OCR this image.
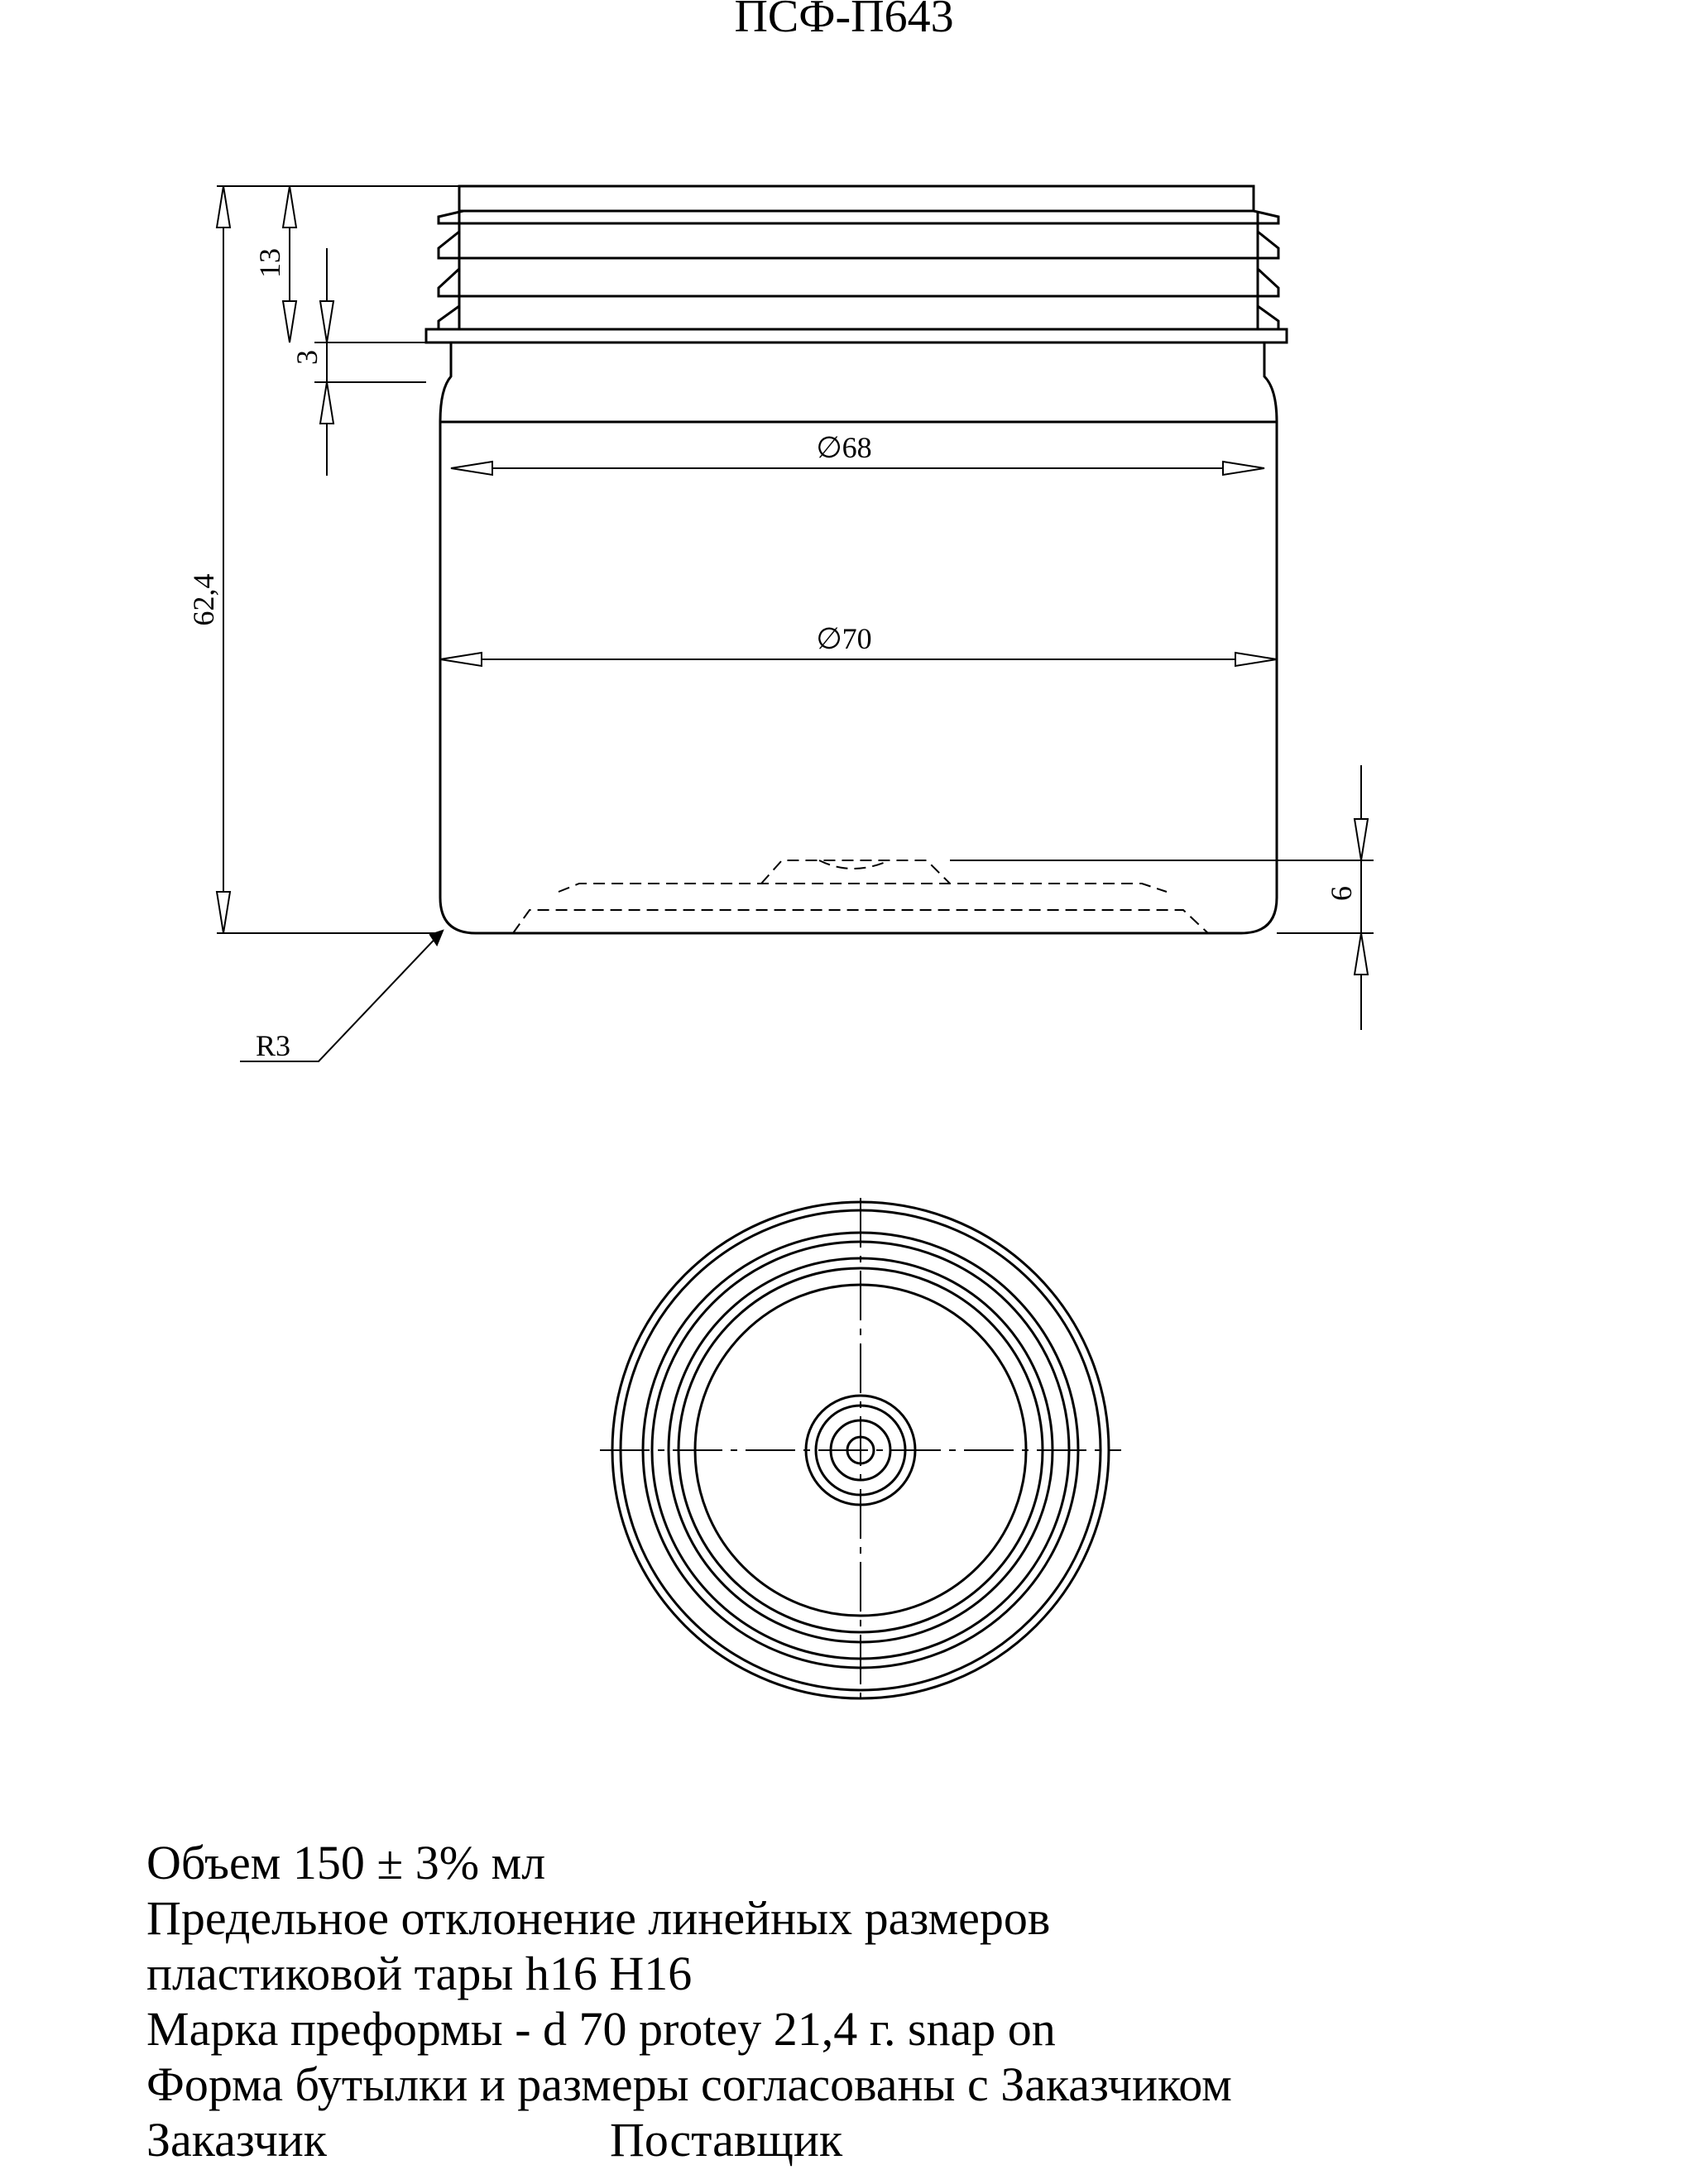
ПСФ-П643
62,4
13
3
∅68
∅70
6
R3
Объем 150 ± 3% мл
Предельное отклонение линейных размеров
пластиковой тары h16 H16
Марка преформы - d 70 protey 21,4 г. snap on
Форма бутылки и размеры согласованы с Заказчиком
Заказчик	Поставщик
